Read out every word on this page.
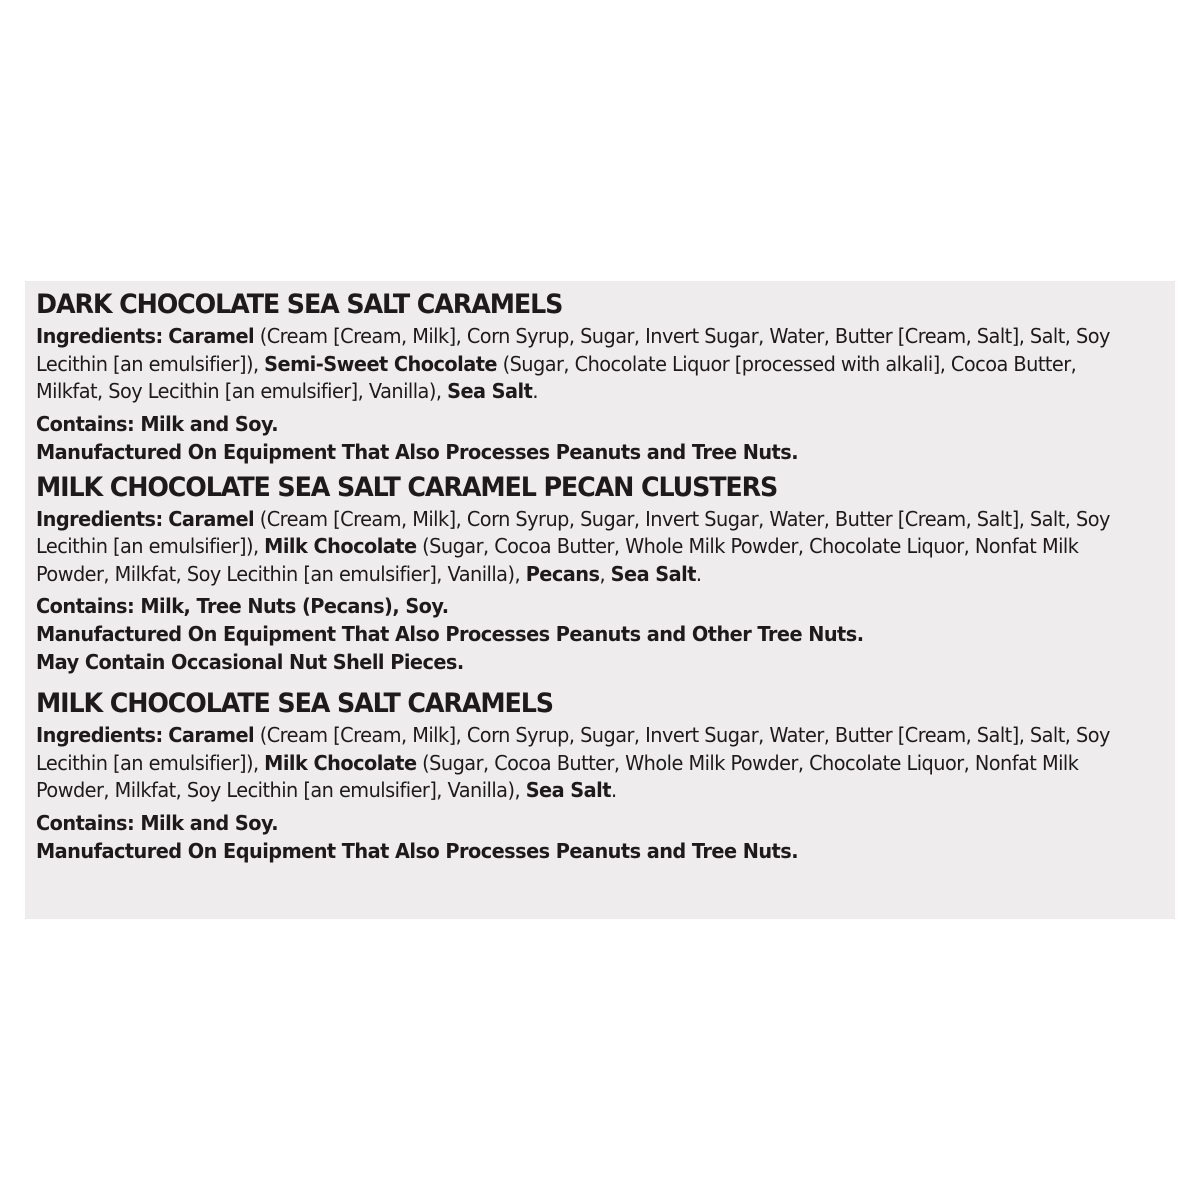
DARK CHOCOLATE SEA SALT CARAMELS
Ingredients: Caramel (Cream [Cream, Milk], Corn Syrup, Sugar, Invert Sugar, Water, Butter [Cream, Salt], Salt, Soy Lecithin [an emulsifier]), Semi-Sweet Chocolate (Sugar, Chocolate Liquor [processed with alkali], Cocoa Butter, Milkfat, Soy Lecithin [an emulsifier], Vanilla), Sea Salt.
Contains: Milk and Soy.
Manufactured On Equipment That Also Processes Peanuts and Tree Nuts.
MILK CHOCOLATE SEA SALT CARAMEL PECAN CLUSTERS
Ingredients: Caramel (Cream [Cream, Milk], Corn Syrup, Sugar, Invert Sugar, Water, Butter [Cream, Salt], Salt, Soy Lecithin [an emulsifier]), Milk Chocolate (Sugar, Cocoa Butter, Whole Milk Powder, Chocolate Liquor, Nonfat Milk Powder, Milkfat, Soy Lecithin [an emulsifier], Vanilla), Pecans, Sea Salt.
Contains: Milk, Tree Nuts (Pecans), Soy.
Manufactured On Equipment That Also Processes Peanuts and Other Tree Nuts.
May Contain Occasional Nut Shell Pieces.
MILK CHOCOLATE SEA SALT CARAMELS
Ingredients: Caramel (Cream [Cream, Milk], Corn Syrup, Sugar, Invert Sugar, Water, Butter [Cream, Salt], Salt, Soy Lecithin [an emulsifier]), Milk Chocolate (Sugar, Cocoa Butter, Whole Milk Powder, Chocolate Liquor, Nonfat Milk Powder, Milkfat, Soy Lecithin [an emulsifier], Vanilla), Sea Salt.
Contains: Milk and Soy.
Manufactured On Equipment That Also Processes Peanuts and Tree Nuts.
